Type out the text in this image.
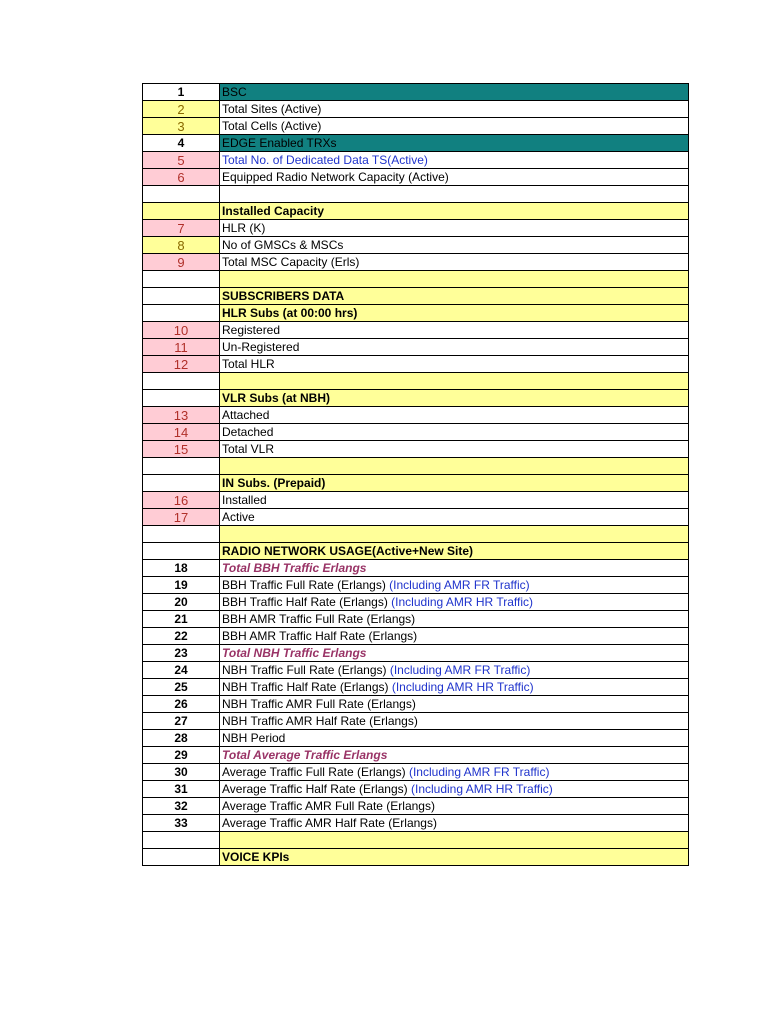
1	BSC
2	Total Sites (Active)
3	Total Cells (Active)
4	EDGE Enabled TRXs
5	Total No. of Dedicated Data TS(Active)
6	Equipped Radio Network Capacity (Active)

	Installed Capacity
7	HLR (K)
8	No of GMSCs & MSCs
9	Total MSC Capacity (Erls)

	SUBSCRIBERS DATA
	HLR Subs (at 00:00 hrs)
10	Registered
11	Un-Registered
12	Total HLR

	VLR Subs (at NBH)
13	Attached
14	Detached
15	Total VLR

	IN Subs. (Prepaid)
16	Installed
17	Active

	RADIO NETWORK USAGE(Active+New Site)
18	Total BBH Traffic Erlangs
19	BBH Traffic Full Rate (Erlangs) (Including AMR FR Traffic)
20	BBH Traffic Half Rate (Erlangs) (Including AMR HR Traffic)
21	BBH AMR Traffic Full Rate (Erlangs)
22	BBH AMR Traffic Half Rate (Erlangs)
23	Total NBH Traffic Erlangs
24	NBH Traffic Full Rate (Erlangs) (Including AMR FR Traffic)
25	NBH Traffic Half Rate (Erlangs) (Including AMR HR Traffic)
26	NBH Traffic AMR Full Rate (Erlangs)
27	NBH Traffic AMR Half Rate (Erlangs)
28	NBH Period
29	Total Average Traffic Erlangs
30	Average Traffic Full Rate (Erlangs) (Including AMR FR Traffic)
31	Average Traffic Half Rate (Erlangs) (Including AMR HR Traffic)
32	Average Traffic AMR Full Rate (Erlangs)
33	Average Traffic AMR Half Rate (Erlangs)

	VOICE KPIs
